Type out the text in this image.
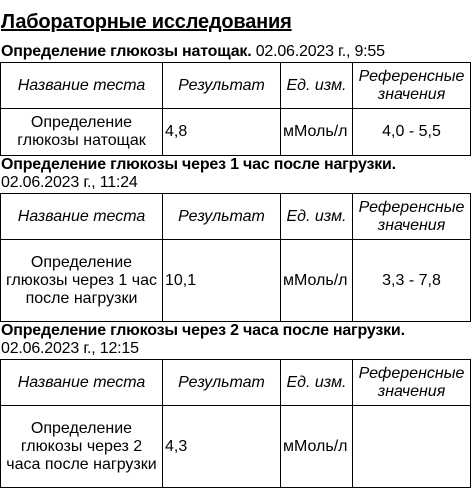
Лабораторные исследования
Определение глюкозы натощак. 02.06.2023 г., 9:55
Название теста	Результат	Ед. изм.	Референсные значения
Определение глюкозы натощак	4,8	мМоль/л	4,0 - 5,5
Определение глюкозы через 1 час после нагрузки.
02.06.2023 г., 11:24
Название теста	Результат	Ед. изм.	Референсные значения
Определение глюкозы через 1 час после нагрузки	10,1	мМоль/л	3,3 - 7,8
Определение глюкозы через 2 часа после нагрузки.
02.06.2023 г., 12:15
Название теста	Результат	Ед. изм.	Референсные значения
Определение глюкозы через 2 часа после нагрузки	4,3	мМоль/л	
